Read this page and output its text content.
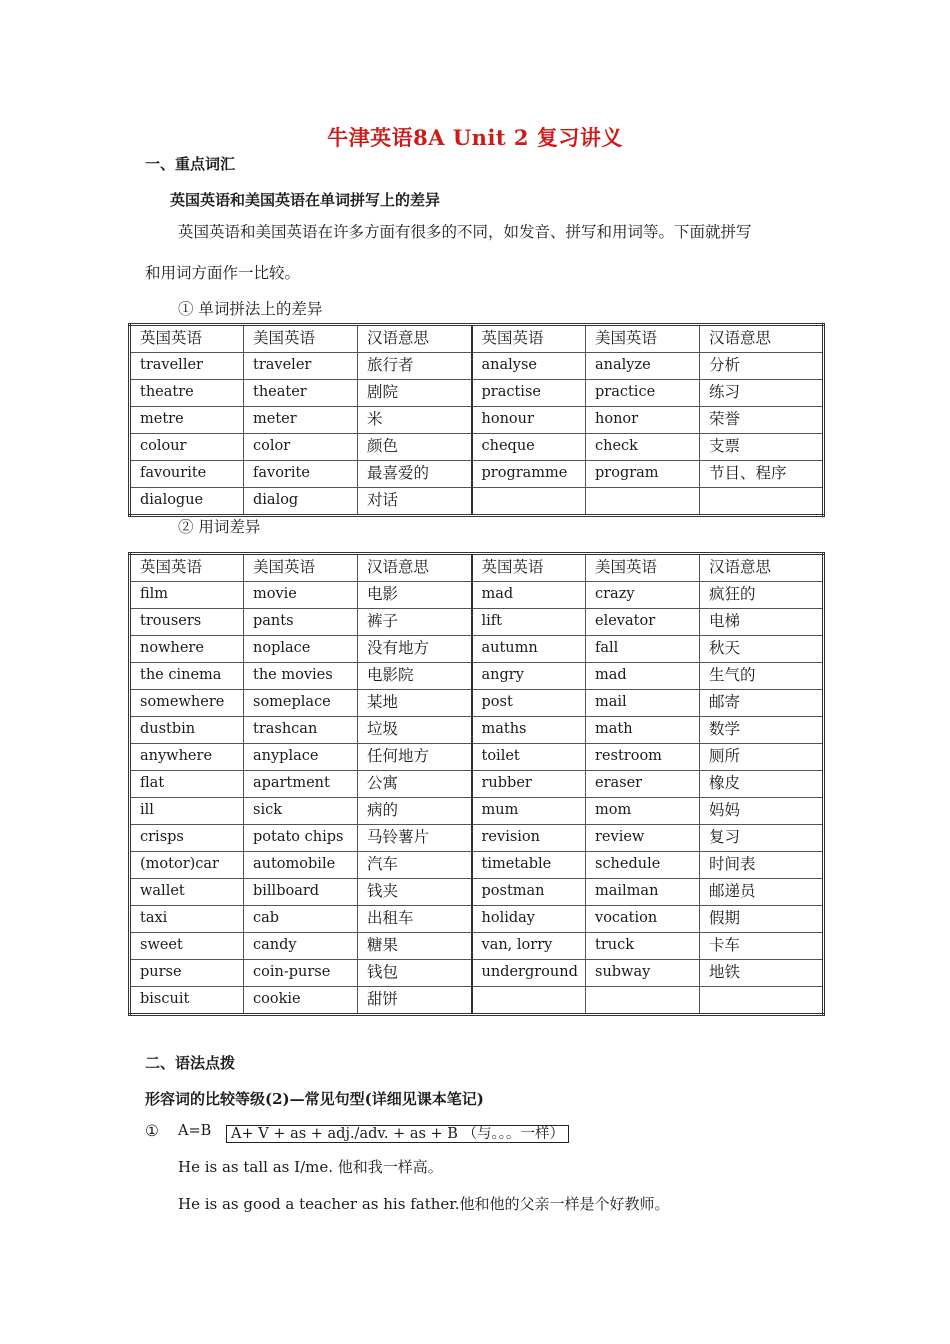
牛津英语8A Unit 2 复习讲义
一、重点词汇
英国英语和美国英语在单词拼写上的差异
英国英语和美国英语在许多方面有很多的不同，如发音、拼写和用词等。下面就拼写
和用词方面作一比较。
① 单词拼法上的差异
英国英语	美国英语	汉语意思	英国英语	美国英语	汉语意思
traveller	traveler	旅行者	analyse	analyze	分析
theatre	theater	剧院	practise	practice	练习
metre	meter	米	honour	honor	荣誉
colour	color	颜色	cheque	check	支票
favourite	favorite	最喜爱的	programme	program	节目、程序
dialogue	dialog	对话			
② 用词差异
英国英语	美国英语	汉语意思	英国英语	美国英语	汉语意思
film	movie	电影	mad	crazy	疯狂的
trousers	pants	裤子	lift	elevator	电梯
nowhere	noplace	没有地方	autumn	fall	秋天
the cinema	the movies	电影院	angry	mad	生气的
somewhere	someplace	某地	post	mail	邮寄
dustbin	trashcan	垃圾	maths	math	数学
anywhere	anyplace	任何地方	toilet	restroom	厕所
flat	apartment	公寓	rubber	eraser	橡皮
ill	sick	病的	mum	mom	妈妈
crisps	potato chips	马铃薯片	revision	review	复习
(motor)car	automobile	汽车	timetable	schedule	时间表
wallet	billboard	钱夹	postman	mailman	邮递员
taxi	cab	出租车	holiday	vocation	假期
sweet	candy	糖果	van, lorry	truck	卡车
purse	coin-purse	钱包	underground	subway	地铁
biscuit	cookie	甜饼			
二、语法点拨
形容词的比较等级(2)—常见句型(详细见课本笔记)
① A=B	A+ V + as + adj./adv. + as + B （与。。。一样）
He is as tall as I/me. 他和我一样高。
He is as good a teacher as his father.他和他的父亲一样是个好教师。
